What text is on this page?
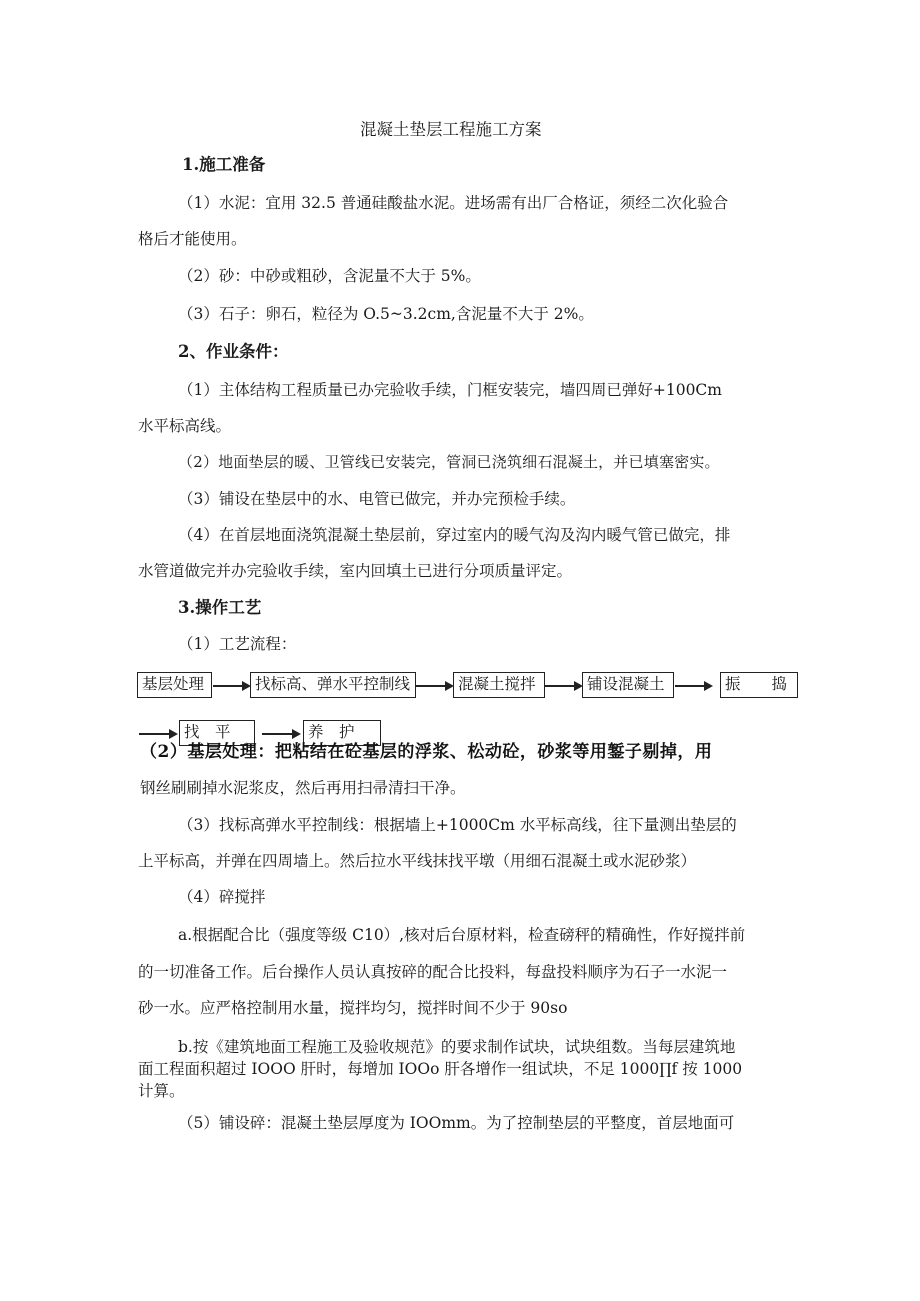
混凝土垫层工程施工方案
1.施工准备
（1）水泥：宜用 32.5 普通硅酸盐水泥。进场需有出厂合格证，须经二次化验合
格后才能使用。
（2）砂：中砂或粗砂，含泥量不大于 5%。
（3）石子：卵石，粒径为 O.5~3.2cm,含泥量不大于 2%。
2、作业条件：
（1）主体结构工程质量已办完验收手续，门框安装完，墙四周已弹好+100Cm
水平标高线。
（2）地面垫层的暖、卫管线已安装完，管洞已浇筑细石混凝土，并已填塞密实。
（3）铺设在垫层中的水、电管已做完，并办完预检手续。
（4）在首层地面浇筑混凝土垫层前，穿过室内的暖气沟及沟内暖气管已做完，排
水管道做完并办完验收手续，室内回填土已进行分项质量评定。
3.操作工艺
（1）工艺流程：
基层处理	找标高、弹水平控制线	混凝土搅拌	铺设混凝土	振　　捣
找　平	养　护
（2）基层处理：把粘结在砼基层的浮浆、松动砼，砂浆等用錾子剔掉，用
钢丝刷刷掉水泥浆皮，然后再用扫帚清扫干净。
（3）找标高弹水平控制线：根据墙上+1000Cm 水平标高线，往下量测出垫层的
上平标高，并弹在四周墙上。然后拉水平线抹找平墩（用细石混凝土或水泥砂浆）
（4）碎搅拌
a.根据配合比（强度等级 C10）,核对后台原材料，检查磅秤的精确性，作好搅拌前
的一切准备工作。后台操作人员认真按碎的配合比投料，每盘投料顺序为石子一水泥一
砂一水。应严格控制用水量，搅拌均匀，搅拌时间不少于 90so
b.按《建筑地面工程施工及验收规范》的要求制作试块，试块组数。当每层建筑地
面工程面积超过 IOOO 肝时，每增加 IOOo 肝各增作一组试块，不足 1000∏f 按 1000
计算。
（5）铺设碎：混凝土垫层厚度为 IOOmm。为了控制垫层的平整度，首层地面可
